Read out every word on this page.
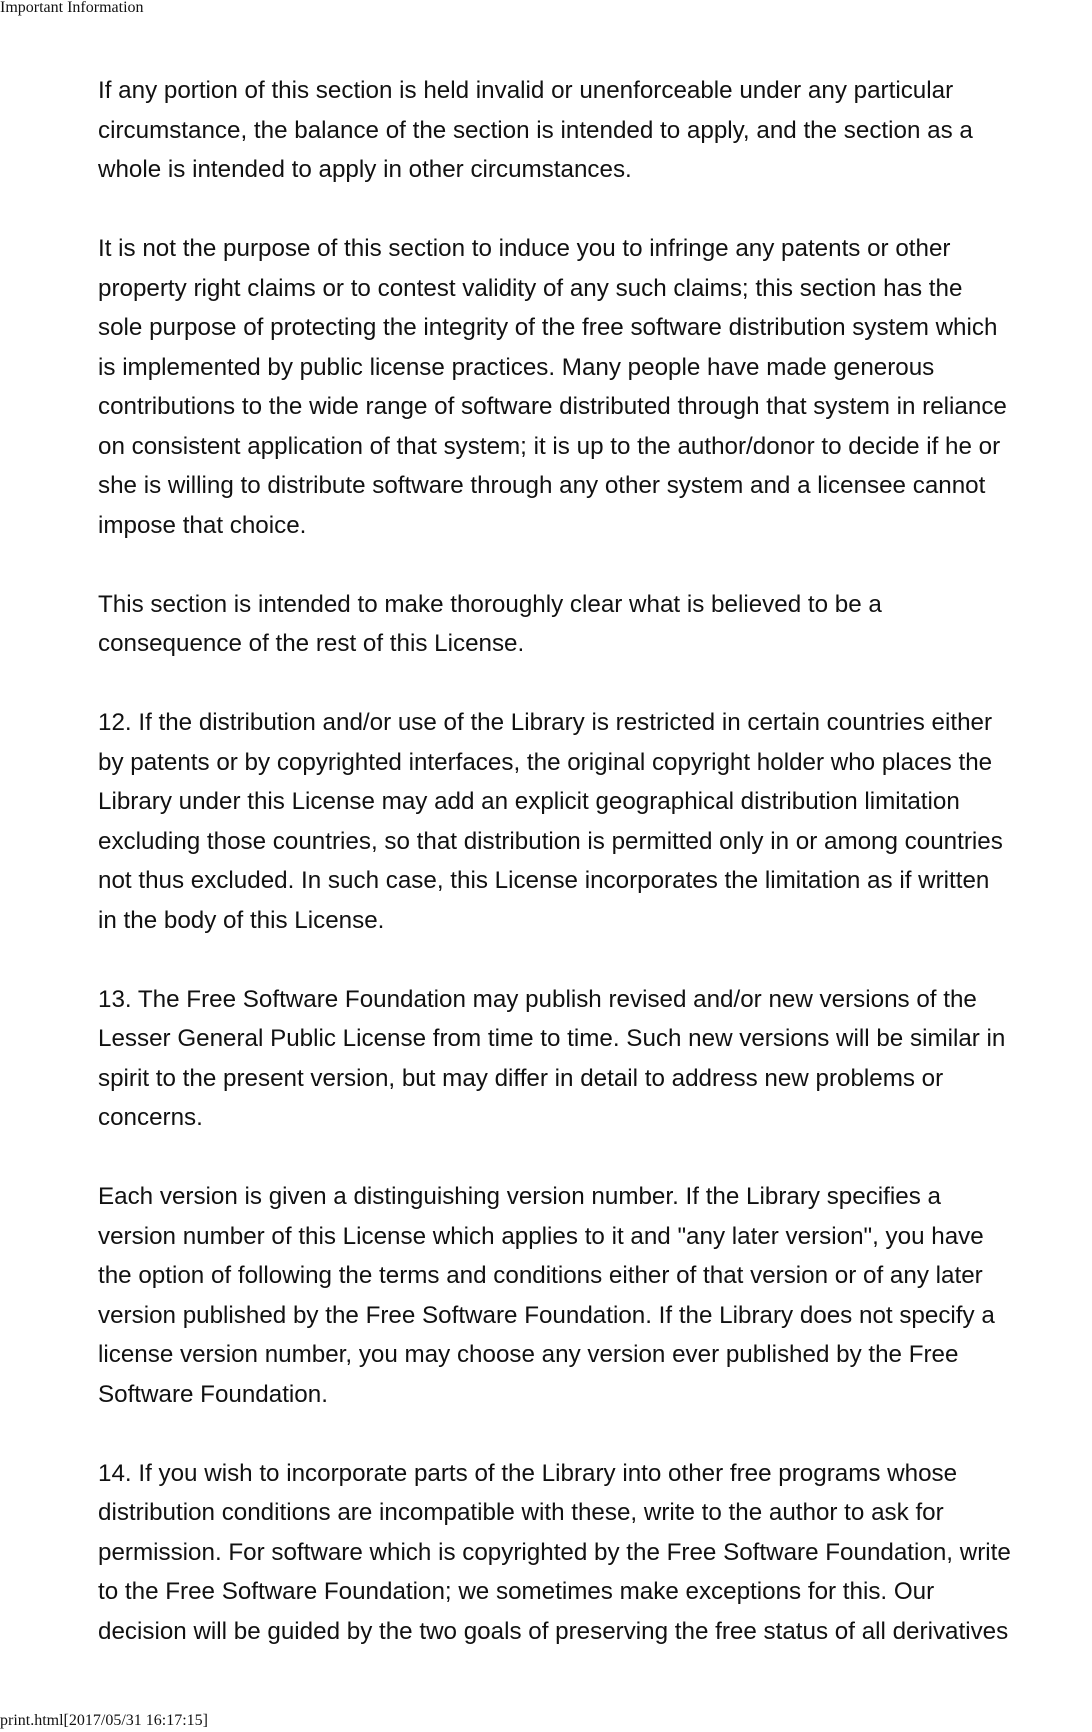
Important Information

If any portion of this section is held invalid or unenforceable under any particular
circumstance, the balance of the section is intended to apply, and the section as a
whole is intended to apply in other circumstances.

It is not the purpose of this section to induce you to infringe any patents or other
property right claims or to contest validity of any such claims; this section has the
sole purpose of protecting the integrity of the free software distribution system which
is implemented by public license practices. Many people have made generous
contributions to the wide range of software distributed through that system in reliance
on consistent application of that system; it is up to the author/donor to decide if he or
she is willing to distribute software through any other system and a licensee cannot
impose that choice.

This section is intended to make thoroughly clear what is believed to be a
consequence of the rest of this License.

12. If the distribution and/or use of the Library is restricted in certain countries either
by patents or by copyrighted interfaces, the original copyright holder who places the
Library under this License may add an explicit geographical distribution limitation
excluding those countries, so that distribution is permitted only in or among countries
not thus excluded. In such case, this License incorporates the limitation as if written
in the body of this License.

13. The Free Software Foundation may publish revised and/or new versions of the
Lesser General Public License from time to time. Such new versions will be similar in
spirit to the present version, but may differ in detail to address new problems or
concerns.

Each version is given a distinguishing version number. If the Library specifies a
version number of this License which applies to it and "any later version", you have
the option of following the terms and conditions either of that version or of any later
version published by the Free Software Foundation. If the Library does not specify a
license version number, you may choose any version ever published by the Free
Software Foundation.

14. If you wish to incorporate parts of the Library into other free programs whose
distribution conditions are incompatible with these, write to the author to ask for
permission. For software which is copyrighted by the Free Software Foundation, write
to the Free Software Foundation; we sometimes make exceptions for this. Our
decision will be guided by the two goals of preserving the free status of all derivatives

print.html[2017/05/31 16:17:15]
